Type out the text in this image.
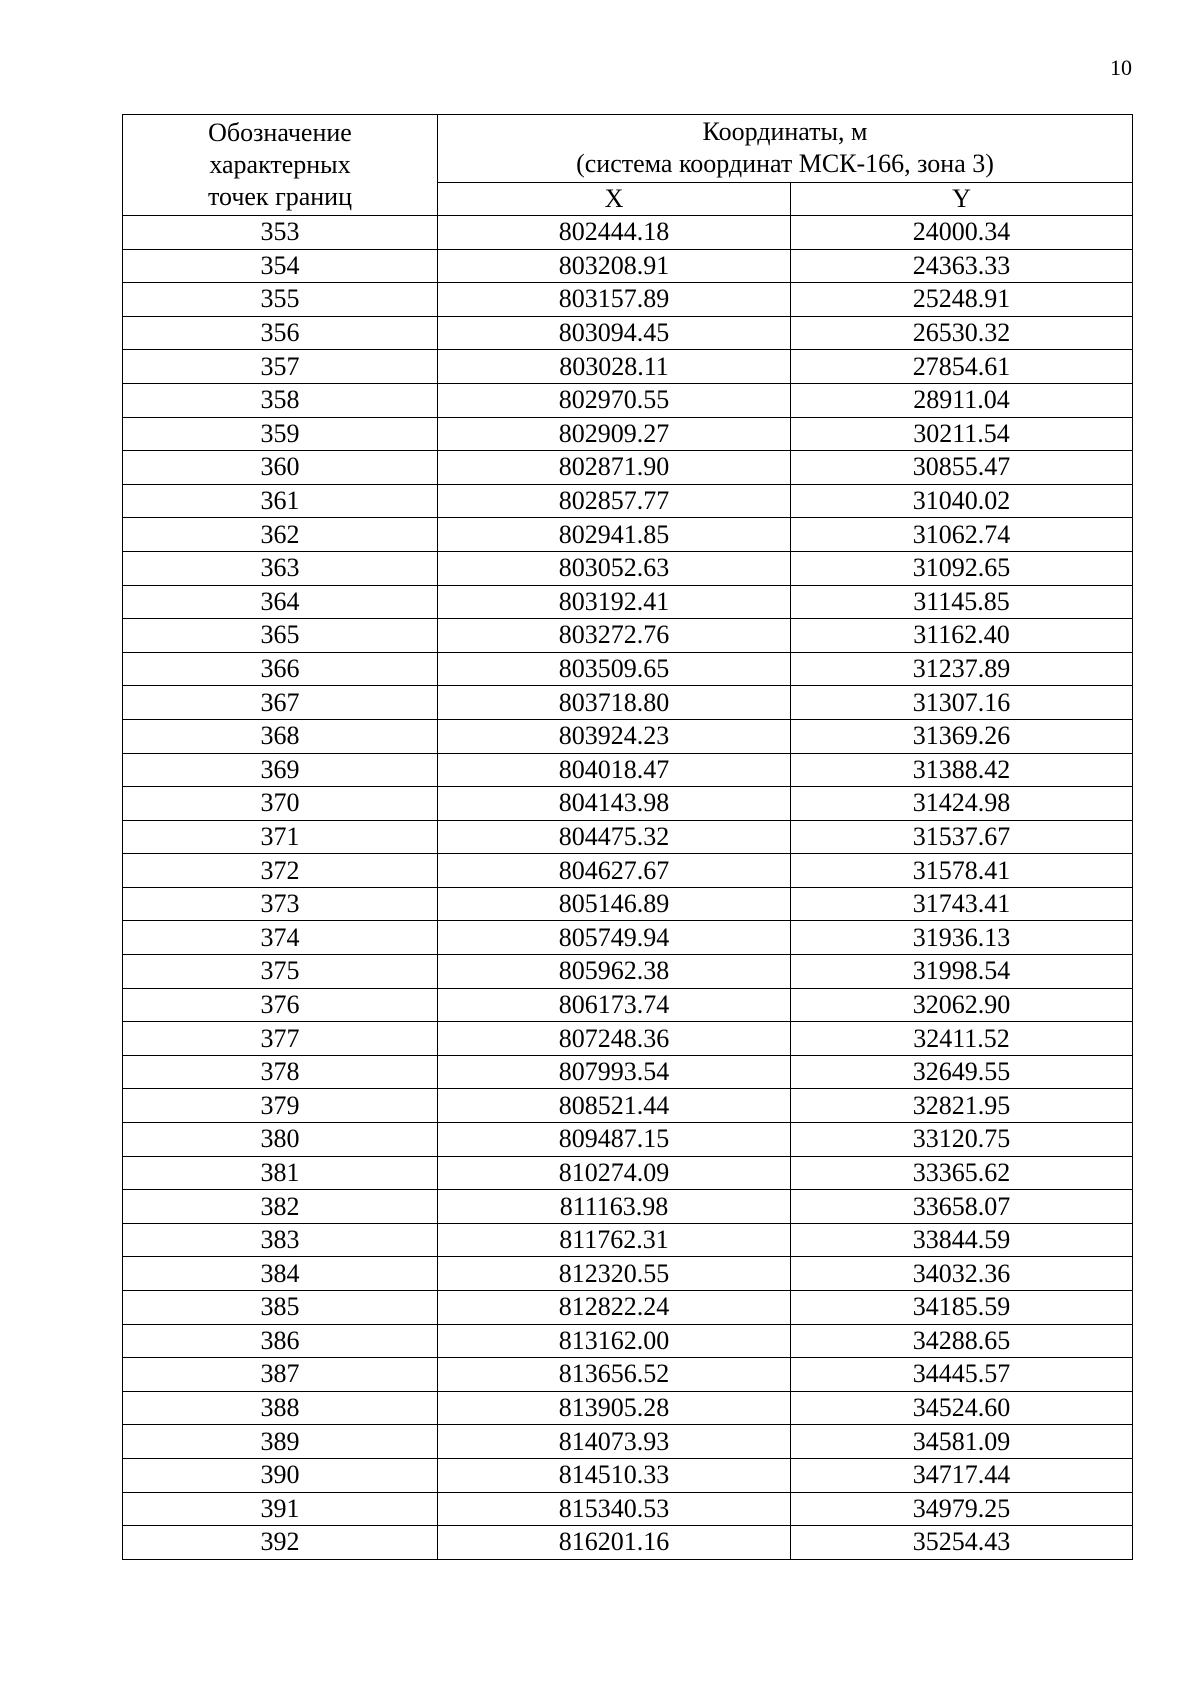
10
Обозначение
характерных
точек границ	Координаты, м
(система координат МСК-166, зона 3)	

	X	Y
353	802444.18	24000.34
354	803208.91	24363.33
355	803157.89	25248.91
356	803094.45	26530.32
357	803028.11	27854.61
358	802970.55	28911.04
359	802909.27	30211.54
360	802871.90	30855.47
361	802857.77	31040.02
362	802941.85	31062.74
363	803052.63	31092.65
364	803192.41	31145.85
365	803272.76	31162.40
366	803509.65	31237.89
367	803718.80	31307.16
368	803924.23	31369.26
369	804018.47	31388.42
370	804143.98	31424.98
371	804475.32	31537.67
372	804627.67	31578.41
373	805146.89	31743.41
374	805749.94	31936.13
375	805962.38	31998.54
376	806173.74	32062.90
377	807248.36	32411.52
378	807993.54	32649.55
379	808521.44	32821.95
380	809487.15	33120.75
381	810274.09	33365.62
382	811163.98	33658.07
383	811762.31	33844.59
384	812320.55	34032.36
385	812822.24	34185.59
386	813162.00	34288.65
387	813656.52	34445.57
388	813905.28	34524.60
389	814073.93	34581.09
390	814510.33	34717.44
391	815340.53	34979.25
392	816201.16	35254.43
